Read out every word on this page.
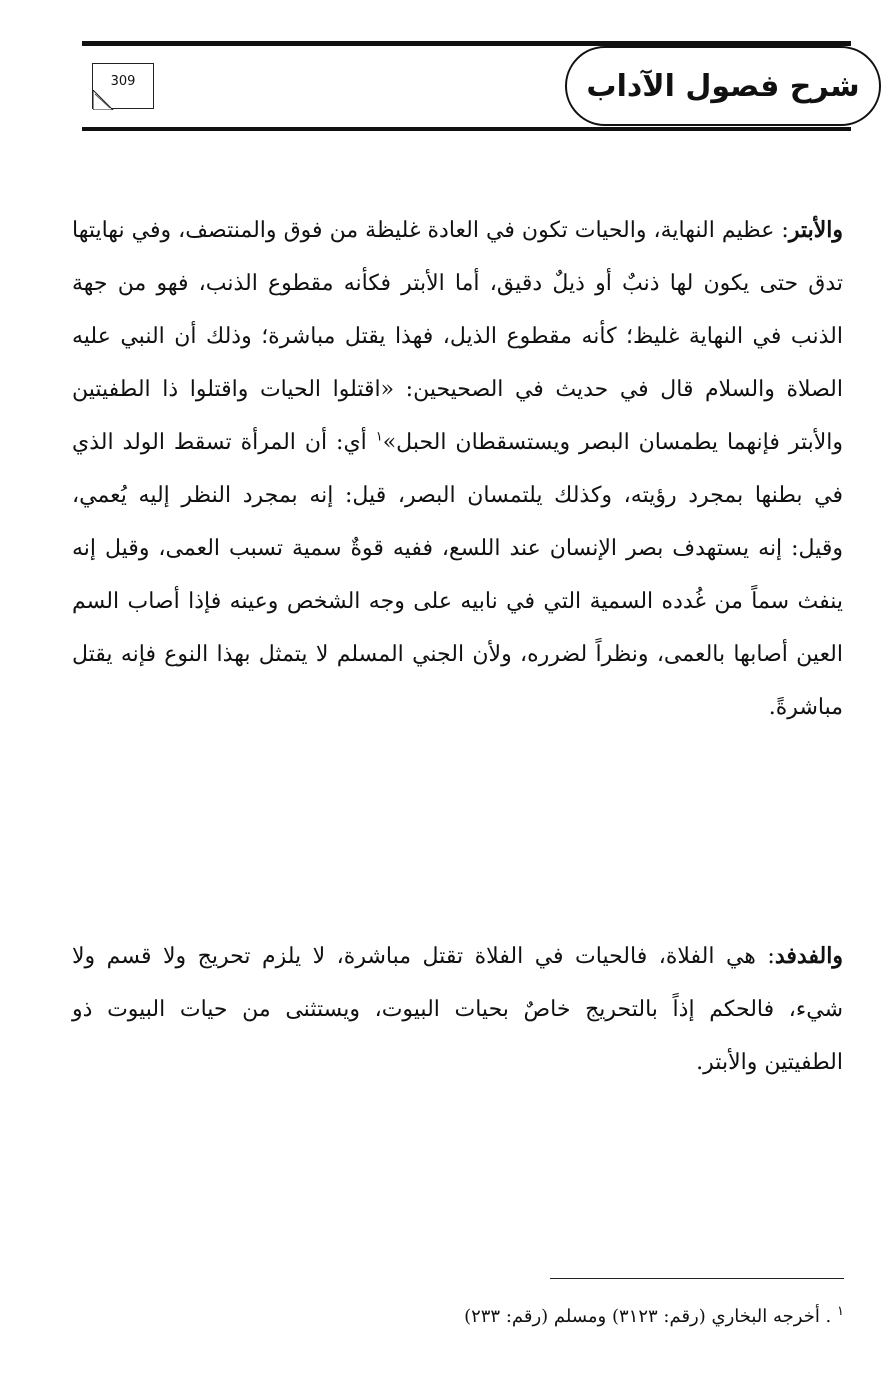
شرح فصول الآداب
309

والأبتر: عظيم النهاية، والحيات تكون في العادة غليظة من فوق والمنتصف، وفي نهايتها تدق حتى يكون لها ذنبٌ أو ذيلٌ دقيق، أما الأبتر فكأنه مقطوع الذنب، فهو من جهة الذنب في النهاية غليظ؛ كأنه مقطوع الذيل، فهذا يقتل مباشرة؛ وذلك أن النبي عليه الصلاة والسلام قال في حديث في الصحيحين: «اقتلوا الحيات واقتلوا ذا الطفيتين والأبتر فإنهما يطمسان البصر ويستسقطان الحبل»$^١$ أي: أن المرأة تسقط الولد الذي في بطنها بمجرد رؤيته، وكذلك يلتمسان البصر، قيل: إنه بمجرد النظر إليه يُعمي، وقيل: إنه يستهدف بصر الإنسان عند اللسع، ففيه قوةٌ سمية تسبب العمى، وقيل إنه ينفث سماً من غُدده السمية التي في نابيه على وجه الشخص وعينه فإذا أصاب السم العين أصابها بالعمى، ونظراً لضرره، ولأن الجني المسلم لا يتمثل بهذا النوع فإنه يقتل مباشرةً.

والفدفد: هي الفلاة، فالحيات في الفلاة تقتل مباشرة، لا يلزم تحريج ولا قسم ولا شيء، فالحكم إذاً بالتحريج خاصٌ بحيات البيوت، ويستثنى من حيات البيوت ذو الطفيتين والأبتر.

$^١$ . أخرجه البخاري (رقم: ٣١٢٣) ومسلم (رقم: ٢٣٣)
